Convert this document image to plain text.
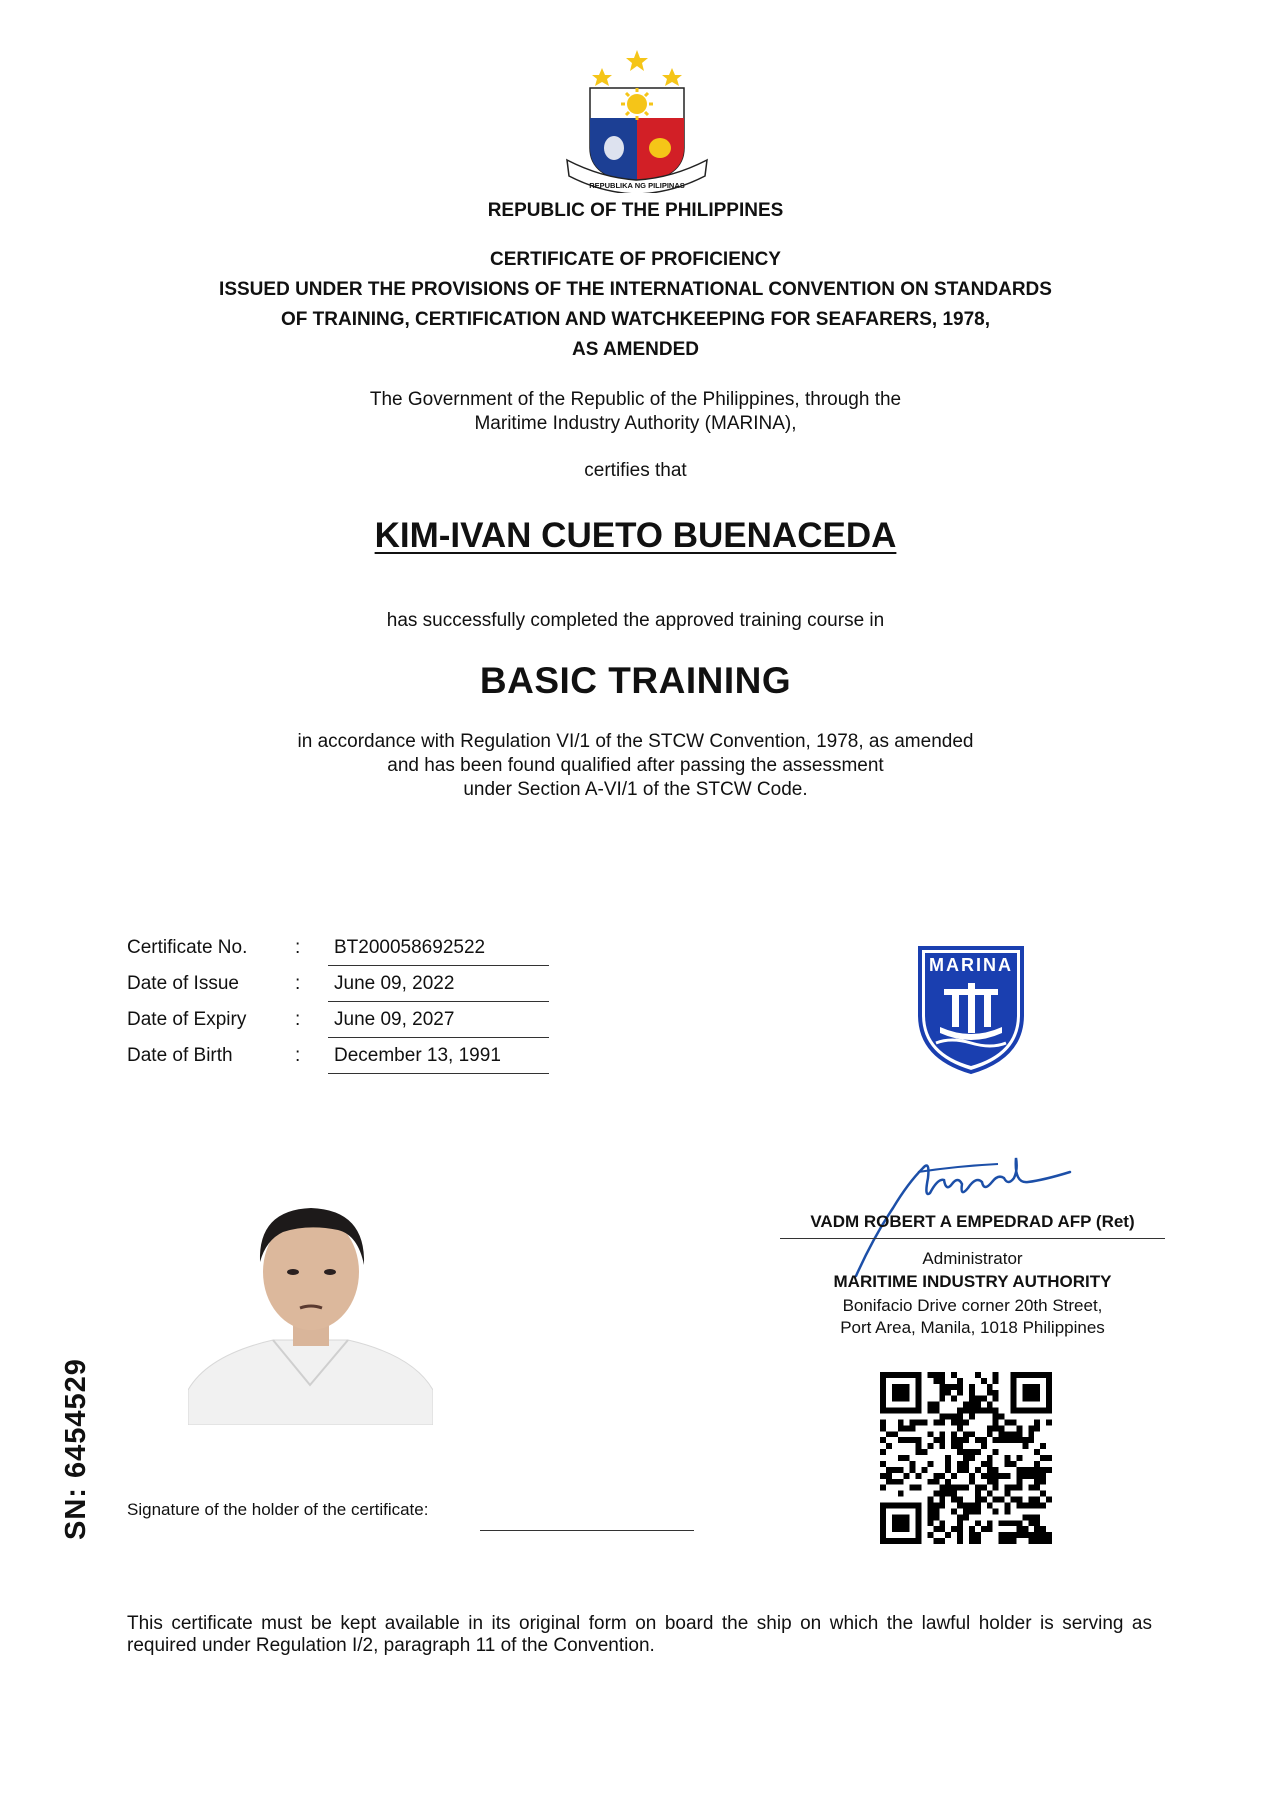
REPUBLIKA NG PILIPINAS
REPUBLIC OF THE PHILIPPINES
CERTIFICATE OF PROFICIENCY
ISSUED UNDER THE PROVISIONS OF THE INTERNATIONAL CONVENTION ON STANDARDS
OF TRAINING, CERTIFICATION AND WATCHKEEPING FOR SEAFARERS, 1978,
AS AMENDED
The Government of the Republic of the Philippines, through the
Maritime Industry Authority (MARINA),
certifies that
KIM-IVAN CUETO BUENACEDA
has successfully completed the approved training course in
BASIC TRAINING
in accordance with Regulation VI/1 of the STCW Convention, 1978, as amended
and has been found qualified after passing the assessment
under Section A-VI/1 of the STCW Code.
Certificate No.	:	BT200058692522
Date of Issue	:	June 09, 2022
Date of Expiry	:	June 09, 2027
Date of Birth	:	December 13, 1991
MARINA
VADM ROBERT A EMPEDRAD AFP (Ret)
Administrator
MARITIME INDUSTRY AUTHORITY
Bonifacio Drive corner 20th Street,
Port Area, Manila, 1018 Philippines
Signature of the holder of the certificate:
SN: 6454529
This certificate must be kept available in its original form on board the ship on which the lawful holder is serving as required under Regulation I/2, paragraph 11 of the Convention.
